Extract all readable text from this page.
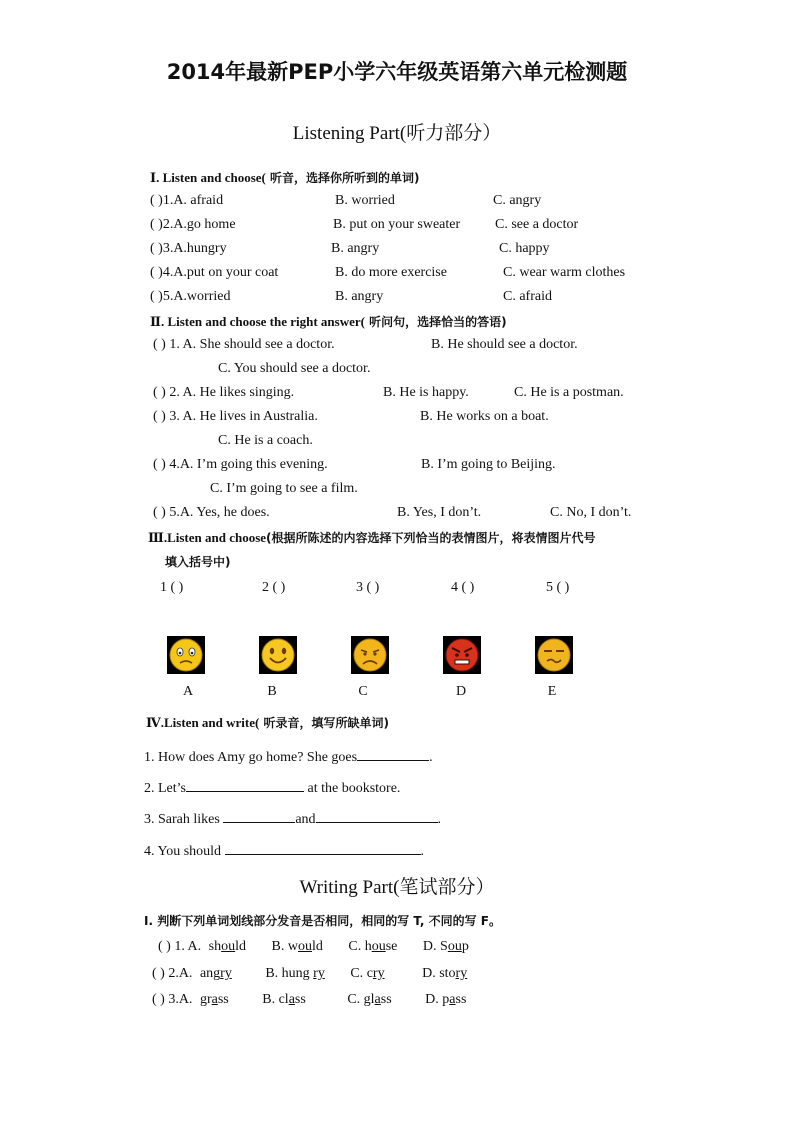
2014年最新PEP小学六年级英语第六单元检测题
Listening Part(听力部分）
Ⅰ. Listen and choose( 听音，选择你所听到的单词)
( )1.A. afraid	B. worried	C. angry
( )2.A.go home	B. put on your sweater C. see a doctor
( )3.A.hungry	B. angry	C. happy
( )4.A.put on your coat	B. do more exercise	C. wear warm clothes
( )5.A.worried	B. angry	C. afraid
Ⅱ. Listen and choose the right answer( 听问句，选择恰当的答语)
( ) 1. A. She should see a doctor.	B. He should see a doctor.
C. You should see a doctor.
( ) 2. A. He likes singing.	B. He is happy.	C. He is a postman.
( ) 3. A. He lives in Australia.	B. He works on a boat.
C. He is a coach.
( ) 4.A. I’m going this evening.	B. I’m going to Beijing.
C. I’m going to see a film.
( ) 5.A. Yes, he does.	B. Yes, I don’t.	C. No, I don’t.
Ⅲ.Listen and choose(根据所陈述的内容选择下列恰当的表情图片，将表情图片代号
填入括号中)
1 ( )	2 ( )	3 ( )	4 ( )	5 ( )
A	B	C	D	E
Ⅳ.Listen and write( 听录音，填写所缺单词)
1. How does Amy go home? She goes	.
2. Let’s	at the bookstore.
3. Sarah likes	and	.
4. You should	.
Writing Part(笔试部分）
Ⅰ. 判断下列单词划线部分发音是否相同，相同的写 T, 不同的写 F。
( ) 1. A. should B. would C. house D. Soup
( ) 2.A. angry B. hung ry C. cry	D. story
( ) 3.A. grass B. class	C. glass D. pass
